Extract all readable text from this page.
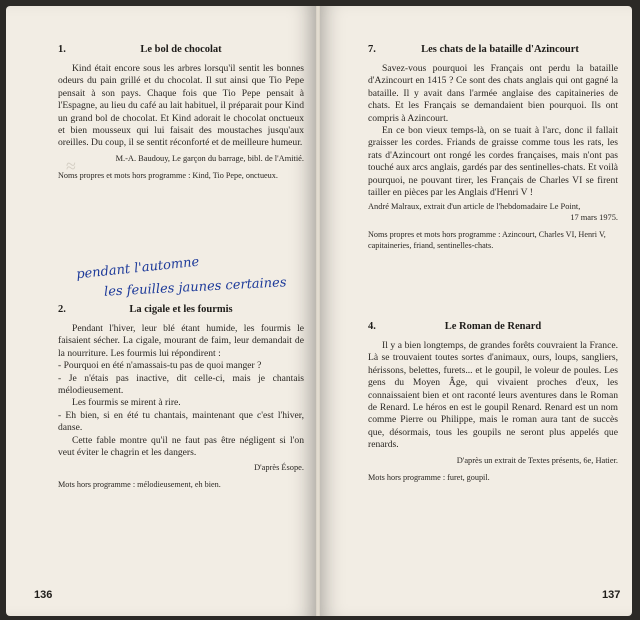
≈
1.	Le bol de chocolat

Kind était encore sous les arbres lorsqu'il sentit les bonnes odeurs du pain grillé et du chocolat. Il sut ainsi que Tio Pepe pensait à son pays. Chaque fois que Tio Pepe pensait à l'Espagne, au lieu du café au lait habituel, il préparait pour Kind un grand bol de chocolat. Et Kind adorait le chocolat onctueux et bien mousseux qui lui faisait des moustaches jusqu'aux oreilles. Du coup, il se sentit réconforté et de meilleure humeur.

M.-A. Baudouy, Le garçon du barrage, bibl. de l'Amitié.
Noms propres et mots hors programme : Kind, Tio Pepe, onctueux.
pendant l'automne
les feuilles jaunes certaines
2.	La cigale et les fourmis

Pendant l'hiver, leur blé étant humide, les fourmis le faisaient sécher. La cigale, mourant de faim, leur demandait de la nourriture. Les fourmis lui répondirent :

- Pourquoi en été n'amassais-tu pas de quoi manger ?

- Je n'étais pas inactive, dit celle-ci, mais je chantais mélodieusement.

Les fourmis se mirent à rire.

- Eh bien, si en été tu chantais, maintenant que c'est l'hiver, danse.

Cette fable montre qu'il ne faut pas être négligent si l'on veut éviter le chagrin et les dangers.

D'après Ésope.
Mots hors programme : mélodieusement, eh bien.
136
7.	Les chats de la bataille d'Azincourt

Savez-vous pourquoi les Français ont perdu la bataille d'Azincourt en 1415 ? Ce sont des chats anglais qui ont gagné la bataille. Il y avait dans l'armée anglaise des capitaineries de chats. Et les Français se demandaient bien pourquoi. Ils ont compris à Azincourt.

En ce bon vieux temps-là, on se tuait à l'arc, donc il fallait graisser les cordes. Friands de graisse comme tous les rats, les rats d'Azincourt ont rongé les cordes françaises, mais n'ont pas touché aux arcs anglais, gardés par des sentinelles-chats. Et voilà pourquoi, ne pouvant tirer, les Français de Charles VI se firent tailler en pièces par les Anglais d'Henri V !

André Malraux, extrait d'un article de l'hebdomadaire Le Point,
17 mars 1975.
Noms propres et mots hors programme : Azincourt, Charles VI, Henri V, capitaineries, friand, sentinelles-chats.
4.	Le Roman de Renard

Il y a bien longtemps, de grandes forêts couvraient la France. Là se trouvaient toutes sortes d'animaux, ours, loups, sangliers, hérissons, belettes, furets... et le goupil, le voleur de poules. Les gens du Moyen Âge, qui vivaient proches d'eux, les connaissaient bien et ont raconté leurs aventures dans le Roman de Renard. Le héros en est le goupil Renard. Renard est un nom comme Pierre ou Philippe, mais le roman aura tant de succès que, désormais, tous les goupils ne seront plus appelés que renards.

D'après un extrait de Textes présents, 6e, Hatier.
Mots hors programme : furet, goupil.
137
